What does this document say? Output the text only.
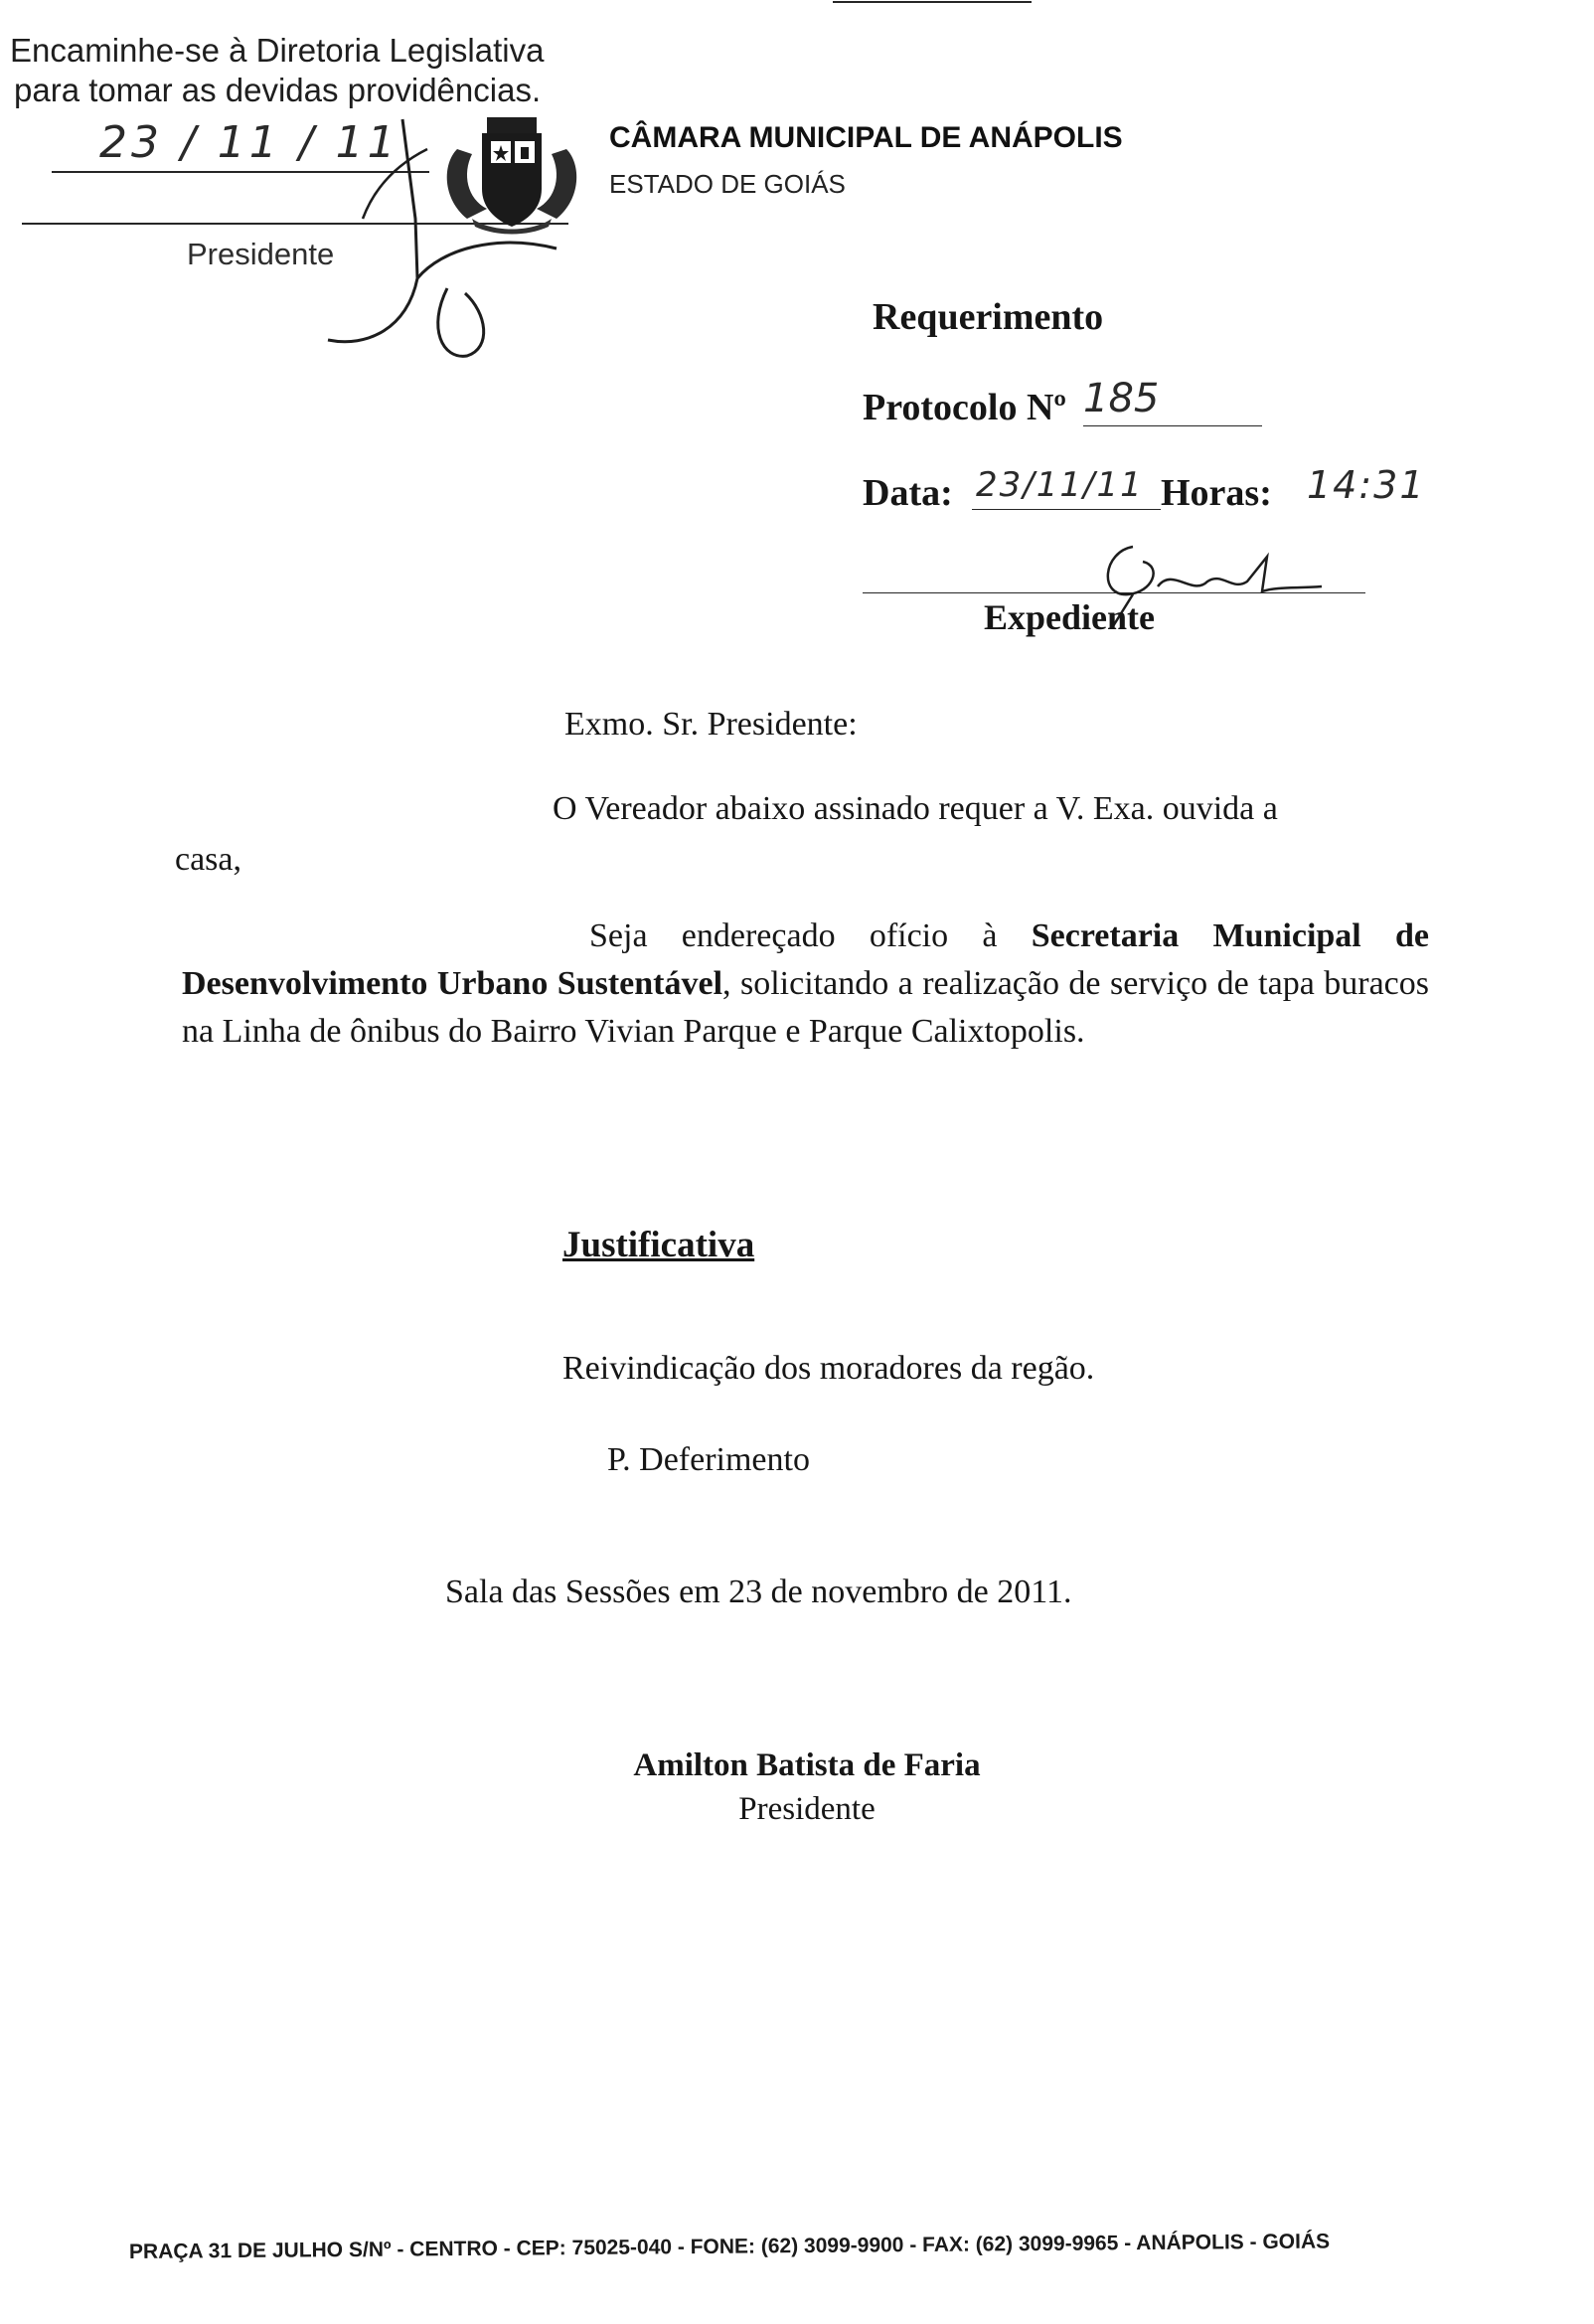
Encaminhe-se à Diretoria Legislativa
para tomar as devidas providências.
23 / 11 / 11
Presidente
CÂMARA MUNICIPAL DE ANÁPOLIS
ESTADO DE GOIÁS
Requerimento
Protocolo Nº 185
Data: 23/11/11 Horas: 14:31
Expediente
Exmo. Sr. Presidente:
O Vereador abaixo assinado requer a V. Exa. ouvida a
casa,
Seja endereçado ofício à Secretaria Municipal de Desenvolvimento Urbano Sustentável, solicitando a realização de serviço de tapa buracos na Linha de ônibus do Bairro Vivian Parque e Parque Calixtopolis.
Justificativa
Reivindicação dos moradores da regão.
P. Deferimento
Sala das Sessões em 23 de novembro de 2011.
Amilton Batista de Faria
Presidente
PRAÇA 31 DE JULHO S/Nº - CENTRO - CEP: 75025-040 - FONE: (62) 3099-9900 - FAX: (62) 3099-9965 - ANÁPOLIS - GOIÁS
